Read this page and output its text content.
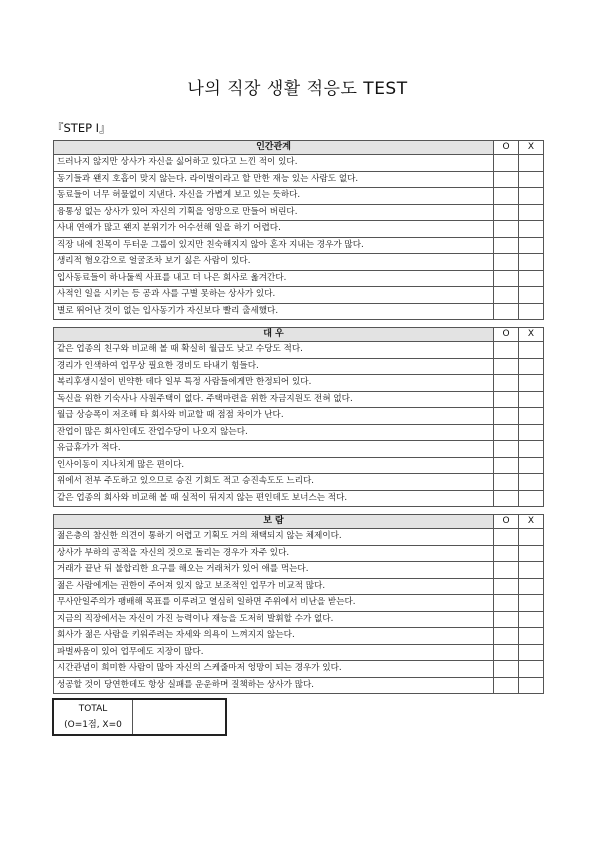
나의 직장 생활 적응도 TEST
『STEP Ⅰ』
인간관계	O	X
드러나지 않지만 상사가 자신을 싫어하고 있다고 느낀 적이 있다.		
동기들과 왠지 호흡이 맞지 않는다. 라이벌이라고 할 만한 재능 있는 사람도 없다.		
동료들이 너무 허물없이 지낸다. 자신을 가볍게 보고 있는 듯하다.		
융통성 없는 상사가 있어 자신의 기획을 엉망으로 만들어 버린다.		
사내 연애가 많고 왠지 분위기가 어수선해 일을 하기 어렵다.		
직장 내에 친목이 두터운 그룹이 있지만 친숙해지지 않아 혼자 지내는 경우가 많다.		
생리적 혐오감으로 얼굴조차 보기 싫은 사람이 있다.		
입사동료들이 하나둘씩 사표를 내고 더 나은 회사로 옮겨간다.		
사적인 일을 시키는 등 공과 사를 구별 못하는 상사가 있다.		
별로 뛰어난 것이 없는 입사동기가 자신보다 빨리 출세했다.		
대 우	O	X
같은 업종의 친구와 비교해 볼 때 확실히 월급도 낮고 수당도 적다.		
경리가 인색하여 업무상 필요한 경비도 타내기 힘들다.		
복리후생시설이 빈약한 데다 일부 특정 사람들에게만 한정되어 있다.		
독신을 위한 기숙사나 사원주택이 없다. 주택마련을 위한 자금지원도 전혀 없다.		
월급 상승폭이 저조해 타 회사와 비교할 때 점점 차이가 난다.		
잔업이 많은 회사인데도 잔업수당이 나오지 않는다.		
유급휴가가 적다.		
인사이동이 지나치게 많은 편이다.		
위에서 전부 주도하고 있으므로 승진 기회도 적고 승진속도도 느리다.		
같은 업종의 회사와 비교해 볼 때 실적이 뒤지지 않는 편인데도 보너스는 적다.		
보 람	O	X
젊은층의 참신한 의견이 통하기 어렵고 기획도 거의 채택되지 않는 체제이다.		
상사가 부하의 공적을 자신의 것으로 돌리는 경우가 자주 있다.		
거래가 끝난 뒤 불합리한 요구를 해오는 거래처가 있어 애를 먹는다.		
젊은 사람에게는 권한이 주어져 있지 않고 보조적인 업무가 비교적 많다.		
무사안일주의가 팽배해 목표를 이루려고 열심히 일하면 주위에서 비난을 받는다.		
지금의 직장에서는 자신이 가진 능력이나 재능을 도저히 발휘할 수가 없다.		
회사가 젊은 사람을 키워주려는 자세와 의욕이 느껴지지 않는다.		
파벌싸움이 있어 업무에도 지장이 많다.		
시간관념이 희미한 사람이 많아 자신의 스케줄마저 엉망이 되는 경우가 있다.		
성공할 것이 당연한데도 항상 실패를 운운하며 질책하는 상사가 많다.		
TOTAL
(O=1점, X=0
